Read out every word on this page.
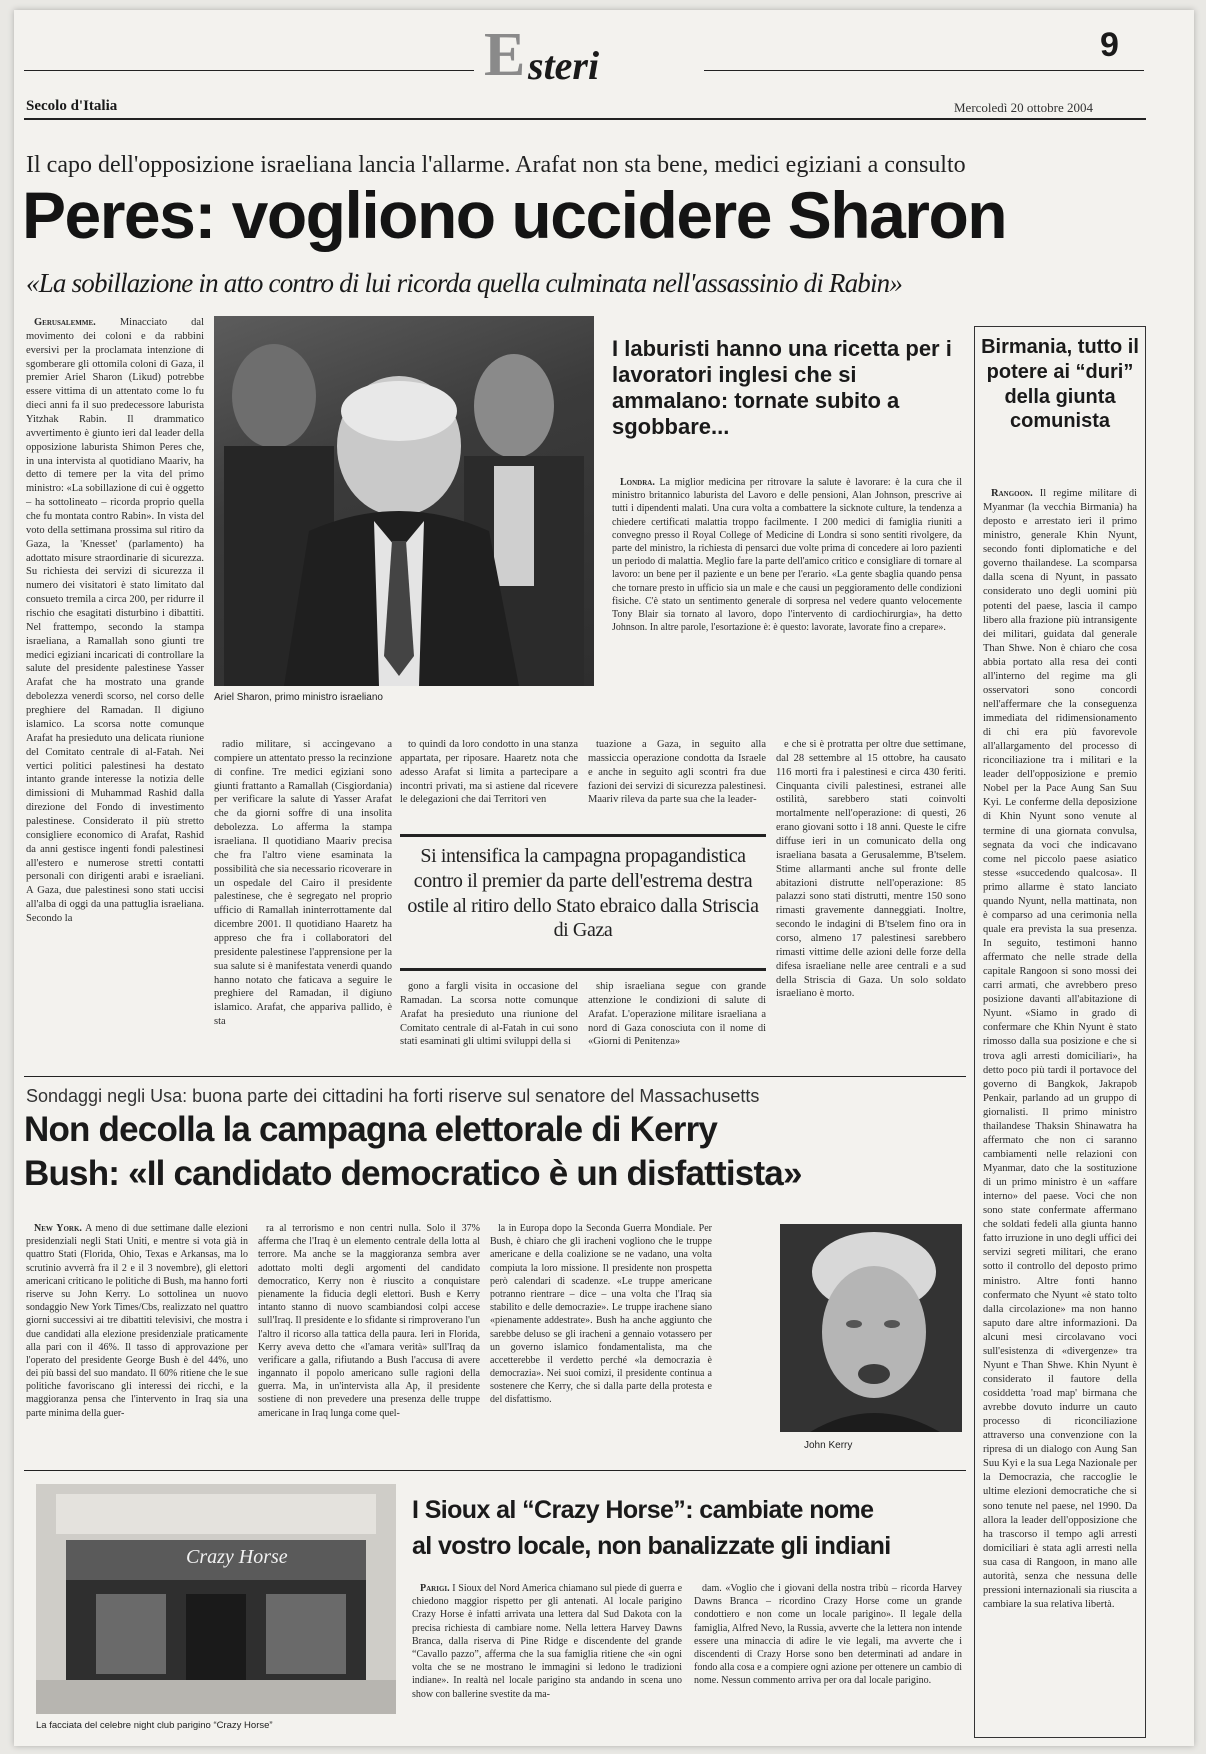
E steri	9
Secolo d'Italia	Mercoledì 20 ottobre 2004
Il capo dell'opposizione israeliana lancia l'allarme. Arafat non sta bene, medici egiziani a consulto
Peres: vogliono uccidere Sharon
«La sobillazione in atto contro di lui ricorda quella culminata nell'assassinio di Rabin»

Gerusalemme. Minacciato dal movimento dei coloni e da rabbini eversivi per la proclamata intenzione di sgomberare gli ottomila coloni di Gaza, il premier Ariel Sharon (Likud) potrebbe essere vittima di un attentato come lo fu dieci anni fa il suo predecessore laburista Yitzhak Rabin. Il drammatico avvertimento è giunto ieri dal leader della opposizione laburista Shimon Peres che, in una intervista al quotidiano Maariv, ha detto di temere per la vita del primo ministro: «La sobillazione di cui è oggetto – ha sottolineato – ricorda proprio quella che fu montata contro Rabin». In vista del voto della settimana prossima sul ritiro da Gaza, la 'Knesset' (parlamento) ha adottato misure straordinarie di sicurezza. Su richiesta dei servizi di sicurezza il numero dei visitatori è stato limitato dal consueto tremila a circa 200, per ridurre il rischio che esagitati disturbino i dibattiti. Nel frattempo, secondo la stampa israeliana, a Ramallah sono giunti tre medici egiziani incaricati di controllare la salute del presidente palestinese Yasser Arafat che ha mostrato una grande debolezza venerdì scorso, nel corso delle preghiere del Ramadan. Il digiuno islamico. La scorsa notte comunque Arafat ha presieduto una delicata riunione del Comitato centrale di al-Fatah. Nei vertici politici palestinesi ha destato intanto grande interesse la notizia delle dimissioni di Muhammad Rashid dalla direzione del Fondo di investimento palestinese. Considerato il più stretto consigliere economico di Arafat, Rashid da anni gestisce ingenti fondi palestinesi all'estero e numerose stretti contatti personali con dirigenti arabi e israeliani. A Gaza, due palestinesi sono stati uccisi all'alba di oggi da una pattuglia israeliana. Secondo la

Ariel Sharon, primo ministro israeliano
I laburisti hanno una ricetta per i lavoratori inglesi che si ammalano: tornate subito a sgobbare...

Londra. La miglior medicina per ritrovare la salute è lavorare: è la cura che il ministro britannico laburista del Lavoro e delle pensioni, Alan Johnson, prescrive ai tutti i dipendenti malati. Una cura volta a combattere la sicknote culture, la tendenza a chiedere certificati malattia troppo facilmente. I 200 medici di famiglia riuniti a convegno presso il Royal College of Medicine di Londra si sono sentiti rivolgere, da parte del ministro, la richiesta di pensarci due volte prima di concedere ai loro pazienti un periodo di malattia. Meglio fare la parte dell'amico critico e consigliare di tornare al lavoro: un bene per il paziente e un bene per l'erario. «La gente sbaglia quando pensa che tornare presto in ufficio sia un male e che causi un peggioramento delle condizioni fisiche. C'è stato un sentimento generale di sorpresa nel vedere quanto velocemente Tony Blair sia tornato al lavoro, dopo l'intervento di cardiochirurgia», ha detto Johnson. In altre parole, l'esortazione è: è questo: lavorate, lavorate fino a crepare».

Birmania, tutto il potere ai “duri” della giunta comunista

Rangoon. Il regime militare di Myanmar (la vecchia Birmania) ha deposto e arrestato ieri il primo ministro, generale Khin Nyunt, secondo fonti diplomatiche e del governo thailandese. La scomparsa dalla scena di Nyunt, in passato considerato uno degli uomini più potenti del paese, lascia il campo libero alla frazione più intransigente dei militari, guidata dal generale Than Shwe. Non è chiaro che cosa abbia portato alla resa dei conti all'interno del regime ma gli osservatori sono concordi nell'affermare che la conseguenza immediata del ridimensionamento di chi era più favorevole all'allargamento del processo di riconciliazione tra i militari e la leader dell'opposizione e premio Nobel per la Pace Aung San Suu Kyi. Le conferme della deposizione di Khin Nyunt sono venute al termine di una giornata convulsa, segnata da voci che indicavano come nel piccolo paese asiatico stesse «succedendo qualcosa». Il primo allarme è stato lanciato quando Nyunt, nella mattinata, non è comparso ad una cerimonia nella quale era prevista la sua presenza. In seguito, testimoni hanno affermato che nelle strade della capitale Rangoon si sono mossi dei carri armati, che avrebbero preso posizione davanti all'abitazione di Nyunt. «Siamo in grado di confermare che Khin Nyunt è stato rimosso dalla sua posizione e che si trova agli arresti domiciliari», ha detto poco più tardi il portavoce del governo di Bangkok, Jakrapob Penkair, parlando ad un gruppo di giornalisti. Il primo ministro thailandese Thaksin Shinawatra ha affermato che non ci saranno cambiamenti nelle relazioni con Myanmar, dato che la sostituzione di un primo ministro è un «affare interno» del paese. Voci che non sono state confermate affermano che soldati fedeli alla giunta hanno fatto irruzione in uno degli uffici dei servizi segreti militari, che erano sotto il controllo del deposto primo ministro. Altre fonti hanno confermato che Nyunt «è stato tolto dalla circolazione» ma non hanno saputo dare altre informazioni. Da alcuni mesi circolavano voci sull'esistenza di «divergenze» tra Nyunt e Than Shwe. Khin Nyunt è considerato il fautore della cosiddetta 'road map' birmana che avrebbe dovuto indurre un cauto processo di riconciliazione attraverso una convenzione con la ripresa di un dialogo con Aung San Suu Kyi e la sua Lega Nazionale per la Democrazia, che raccoglie le ultime elezioni democratiche che si sono tenute nel paese, nel 1990. Da allora la leader dell'opposizione che ha trascorso il tempo agli arresti domiciliari è stata agli arresti nella sua casa di Rangoon, in mano alle autorità, senza che nessuna delle pressioni internazionali sia riuscita a cambiare la sua relativa libertà.

radio militare, si accingevano a compiere un attentato presso la recinzione di confine. Tre medici egiziani sono giunti frattanto a Ramallah (Cisgiordania) per verificare la salute di Yasser Arafat che da giorni soffre di una insolita debolezza. Lo afferma la stampa israeliana. Il quotidiano Maariv precisa che fra l'altro viene esaminata la possibilità che sia necessario ricoverare in un ospedale del Cairo il presidente palestinese, che è segregato nel proprio ufficio di Ramallah ininterrottamente dal dicembre 2001. Il quotidiano Haaretz ha appreso che fra i collaboratori del presidente palestinese l'apprensione per la sua salute si è manifestata venerdì quando hanno notato che faticava a seguire le preghiere del Ramadan, il digiuno islamico. Arafat, che appariva pallido, è sta

to quindi da loro condotto in una stanza appartata, per riposare. Haaretz nota che adesso Arafat si limita a partecipare a incontri privati, ma si astiene dal ricevere le delegazioni che dai Territori ven

tuazione a Gaza, in seguito alla massiccia operazione condotta da Israele e anche in seguito agli scontri fra due fazioni dei servizi di sicurezza palestinesi. Maariv rileva da parte sua che la leader-

e che si è protratta per oltre due settimane, dal 28 settembre al 15 ottobre, ha causato 116 morti fra i palestinesi e circa 430 feriti. Cinquanta civili palestinesi, estranei alle ostilità, sarebbero stati coinvolti mortalmente nell'operazione: di questi, 26 erano giovani sotto i 18 anni. Queste le cifre diffuse ieri in un comunicato della ong israeliana basata a Gerusalemme, B'tselem. Stime allarmanti anche sul fronte delle abitazioni distrutte nell'operazione: 85 palazzi sono stati distrutti, mentre 150 sono rimasti gravemente danneggiati. Inoltre, secondo le indagini di B'tselem fino ora in corso, almeno 17 palestinesi sarebbero rimasti vittime delle azioni delle forze della difesa israeliane nelle aree centrali e a sud della Striscia di Gaza. Un solo soldato israeliano è morto.

Si intensifica la campagna propagandistica contro il premier da parte dell'estrema destra ostile al ritiro dello Stato ebraico dalla Striscia di Gaza

gono a fargli visita in occasione del Ramadan. La scorsa notte comunque Arafat ha presieduto una riunione del Comitato centrale di al-Fatah in cui sono stati esaminati gli ultimi sviluppi della si

ship israeliana segue con grande attenzione le condizioni di salute di Arafat. L'operazione militare israeliana a nord di Gaza conosciuta con il nome di «Giorni di Penitenza»

Sondaggi negli Usa: buona parte dei cittadini ha forti riserve sul senatore del Massachusetts
Non decolla la campagna elettorale di Kerry
Bush: «Il candidato democratico è un disfattista»

New York. A meno di due settimane dalle elezioni presidenziali negli Stati Uniti, e mentre si vota già in quattro Stati (Florida, Ohio, Texas e Arkansas, ma lo scrutinio avverrà fra il 2 e il 3 novembre), gli elettori americani criticano le politiche di Bush, ma hanno forti riserve su John Kerry. Lo sottolinea un nuovo sondaggio New York Times/Cbs, realizzato nel quattro giorni successivi ai tre dibattiti televisivi, che mostra i due candidati alla elezione presidenziale praticamente alla pari con il 46%. Il tasso di approvazione per l'operato del presidente George Bush è del 44%, uno dei più bassi del suo mandato. Il 60% ritiene che le sue politiche favoriscano gli interessi dei ricchi, e la maggioranza pensa che l'intervento in Iraq sia una parte minima della guer-

ra al terrorismo e non centri nulla. Solo il 37% afferma che l'Iraq è un elemento centrale della lotta al terrore. Ma anche se la maggioranza sembra aver adottato molti degli argomenti del candidato democratico, Kerry non è riuscito a conquistare pienamente la fiducia degli elettori. Bush e Kerry intanto stanno di nuovo scambiandosi colpi accese sull'Iraq. Il presidente e lo sfidante si rimproverano l'un l'altro il ricorso alla tattica della paura. Ieri in Florida, Kerry aveva detto che «l'amara verità» sull'Iraq da verificare a galla, rifiutando a Bush l'accusa di avere ingannato il popolo americano sulle ragioni della guerra. Ma, in un'intervista alla Ap, il presidente sostiene di non prevedere una presenza delle truppe americane in Iraq lunga come quel-

la in Europa dopo la Seconda Guerra Mondiale. Per Bush, è chiaro che gli iracheni vogliono che le truppe americane e della coalizione se ne vadano, una volta compiuta la loro missione. Il presidente non prospetta però calendari di scadenze. «Le truppe americane potranno rientrare – dice – una volta che l'Iraq sia stabilito e delle democrazie». Le truppe irachene siano «pienamente addestrate». Bush ha anche aggiunto che sarebbe deluso se gli iracheni a gennaio votassero per un governo islamico fondamentalista, ma che accetterebbe il verdetto perché «la democrazia è democrazia». Nei suoi comizi, il presidente continua a sostenere che Kerry, che si dalla parte della protesta e del disfattismo.

John Kerry
Crazy Horse
La facciata del celebre night club parigino “Crazy Horse”
I Sioux al “Crazy Horse”: cambiate nome
al vostro locale, non banalizzate gli indiani

Parigi. I Sioux del Nord America chiamano sul piede di guerra e chiedono maggior rispetto per gli antenati. Al locale parigino Crazy Horse è infatti arrivata una lettera dal Sud Dakota con la precisa richiesta di cambiare nome. Nella lettera Harvey Dawns Branca, dalla riserva di Pine Ridge e discendente del grande “Cavallo pazzo”, afferma che la sua famiglia ritiene che «in ogni volta che se ne mostrano le immagini si ledono le tradizioni indiane». In realtà nel locale parigino sta andando in scena uno show con ballerine svestite da ma-

dam. «Voglio che i giovani della nostra tribù – ricorda Harvey Dawns Branca – ricordino Crazy Horse come un grande condottiero e non come un locale parigino». Il legale della famiglia, Alfred Nevo, la Russia, avverte che la lettera non intende essere una minaccia di adire le vie legali, ma avverte che i discendenti di Crazy Horse sono ben determinati ad andare in fondo alla cosa e a compiere ogni azione per ottenere un cambio di nome. Nessun commento arriva per ora dal locale parigino.
